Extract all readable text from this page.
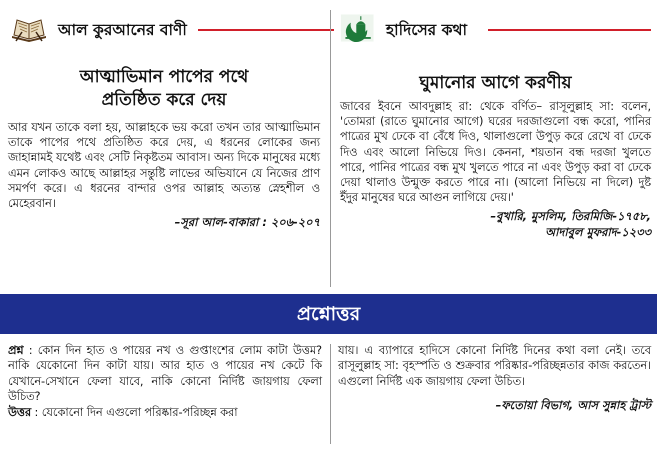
আল কুরআনের বাণী
আত্মাভিমান পাপের পথে
প্রতিষ্ঠিত করে দেয়
আর যখন তাকে বলা হয়, আল্লাহকে ভয় করো তখন তার আত্মাভিমান তাকে পাপের পথে প্রতিষ্ঠিত করে দেয়, এ ধরনের লোকের জন্য জাহান্নামই যথেষ্ট এবং সেটি নিকৃষ্টতম আবাস। অন্য দিকে মানুষের মধ্যে এমন লোকও আছে আল্লাহর সন্তুষ্টি লাভের অভিযানে যে নিজের প্রাণ সমর্পণ করে। এ ধরনের বান্দার ওপর আল্লাহ অত্যন্ত স্নেহশীল ও মেহেরবান।
–সূরা আল-বাকারা : ২০৬-২০৭
হাদিসের কথা
ঘুমানোর আগে করণীয়
জাবের ইবনে আবদুল্লাহ রা: থেকে বর্ণিত– রাসূলুল্লাহ সা: বলেন, 'তোমরা (রাতে ঘুমানোর আগে) ঘরের দরজাগুলো বন্ধ করো, পানির পাত্রের মুখ ঢেকে বা বেঁধে দিও, থালাগুলো উপুড় করে রেখে বা ঢেকে দিও এবং আলো নিভিয়ে দিও। কেননা, শয়তান বন্ধ দরজা খুলতে পারে, পানির পাত্রের বন্ধ মুখ খুলতে পারে না এবং উপুড় করা বা ঢেকে দেয়া থালাও উন্মুক্ত করতে পারে না। (আলো নিভিয়ে না দিলে) দুষ্ট ইঁদুর মানুষের ঘরে আগুন লাগিয়ে দেয়।'
–বুখারি, মুসলিম, তিরমিজি-১৭৫৮,
আদাবুল মুফরাদ-১২৩৩
প্রশ্নোত্তর
প্রশ্ন : কোন দিন হাত ও পায়ের নখ ও গুপ্তাংশের লোম কাটা উত্তম? নাকি যেকোনো দিন কাটা যায়। আর হাত ও পায়ের নখ কেটে কি যেখানে-সেখানে ফেলা যাবে, নাকি কোনো নির্দিষ্ট জায়গায় ফেলা উচিত?
উত্তর : যেকোনো দিন এগুলো পরিষ্কার-পরিচ্ছন্ন করা
যায়। এ ব্যাপারে হাদিসে কোনো নির্দিষ্ট দিনের কথা বলা নেই। তবে রাসূলুল্লাহ সা: বৃহস্পতি ও শুক্রবার পরিষ্কার-পরিচ্ছন্নতার কাজ করতেন। এগুলো নির্দিষ্ট এক জায়গায় ফেলা উচিত।
–ফতোয়া বিভাগ, আস সুন্নাহ ট্রাস্ট
